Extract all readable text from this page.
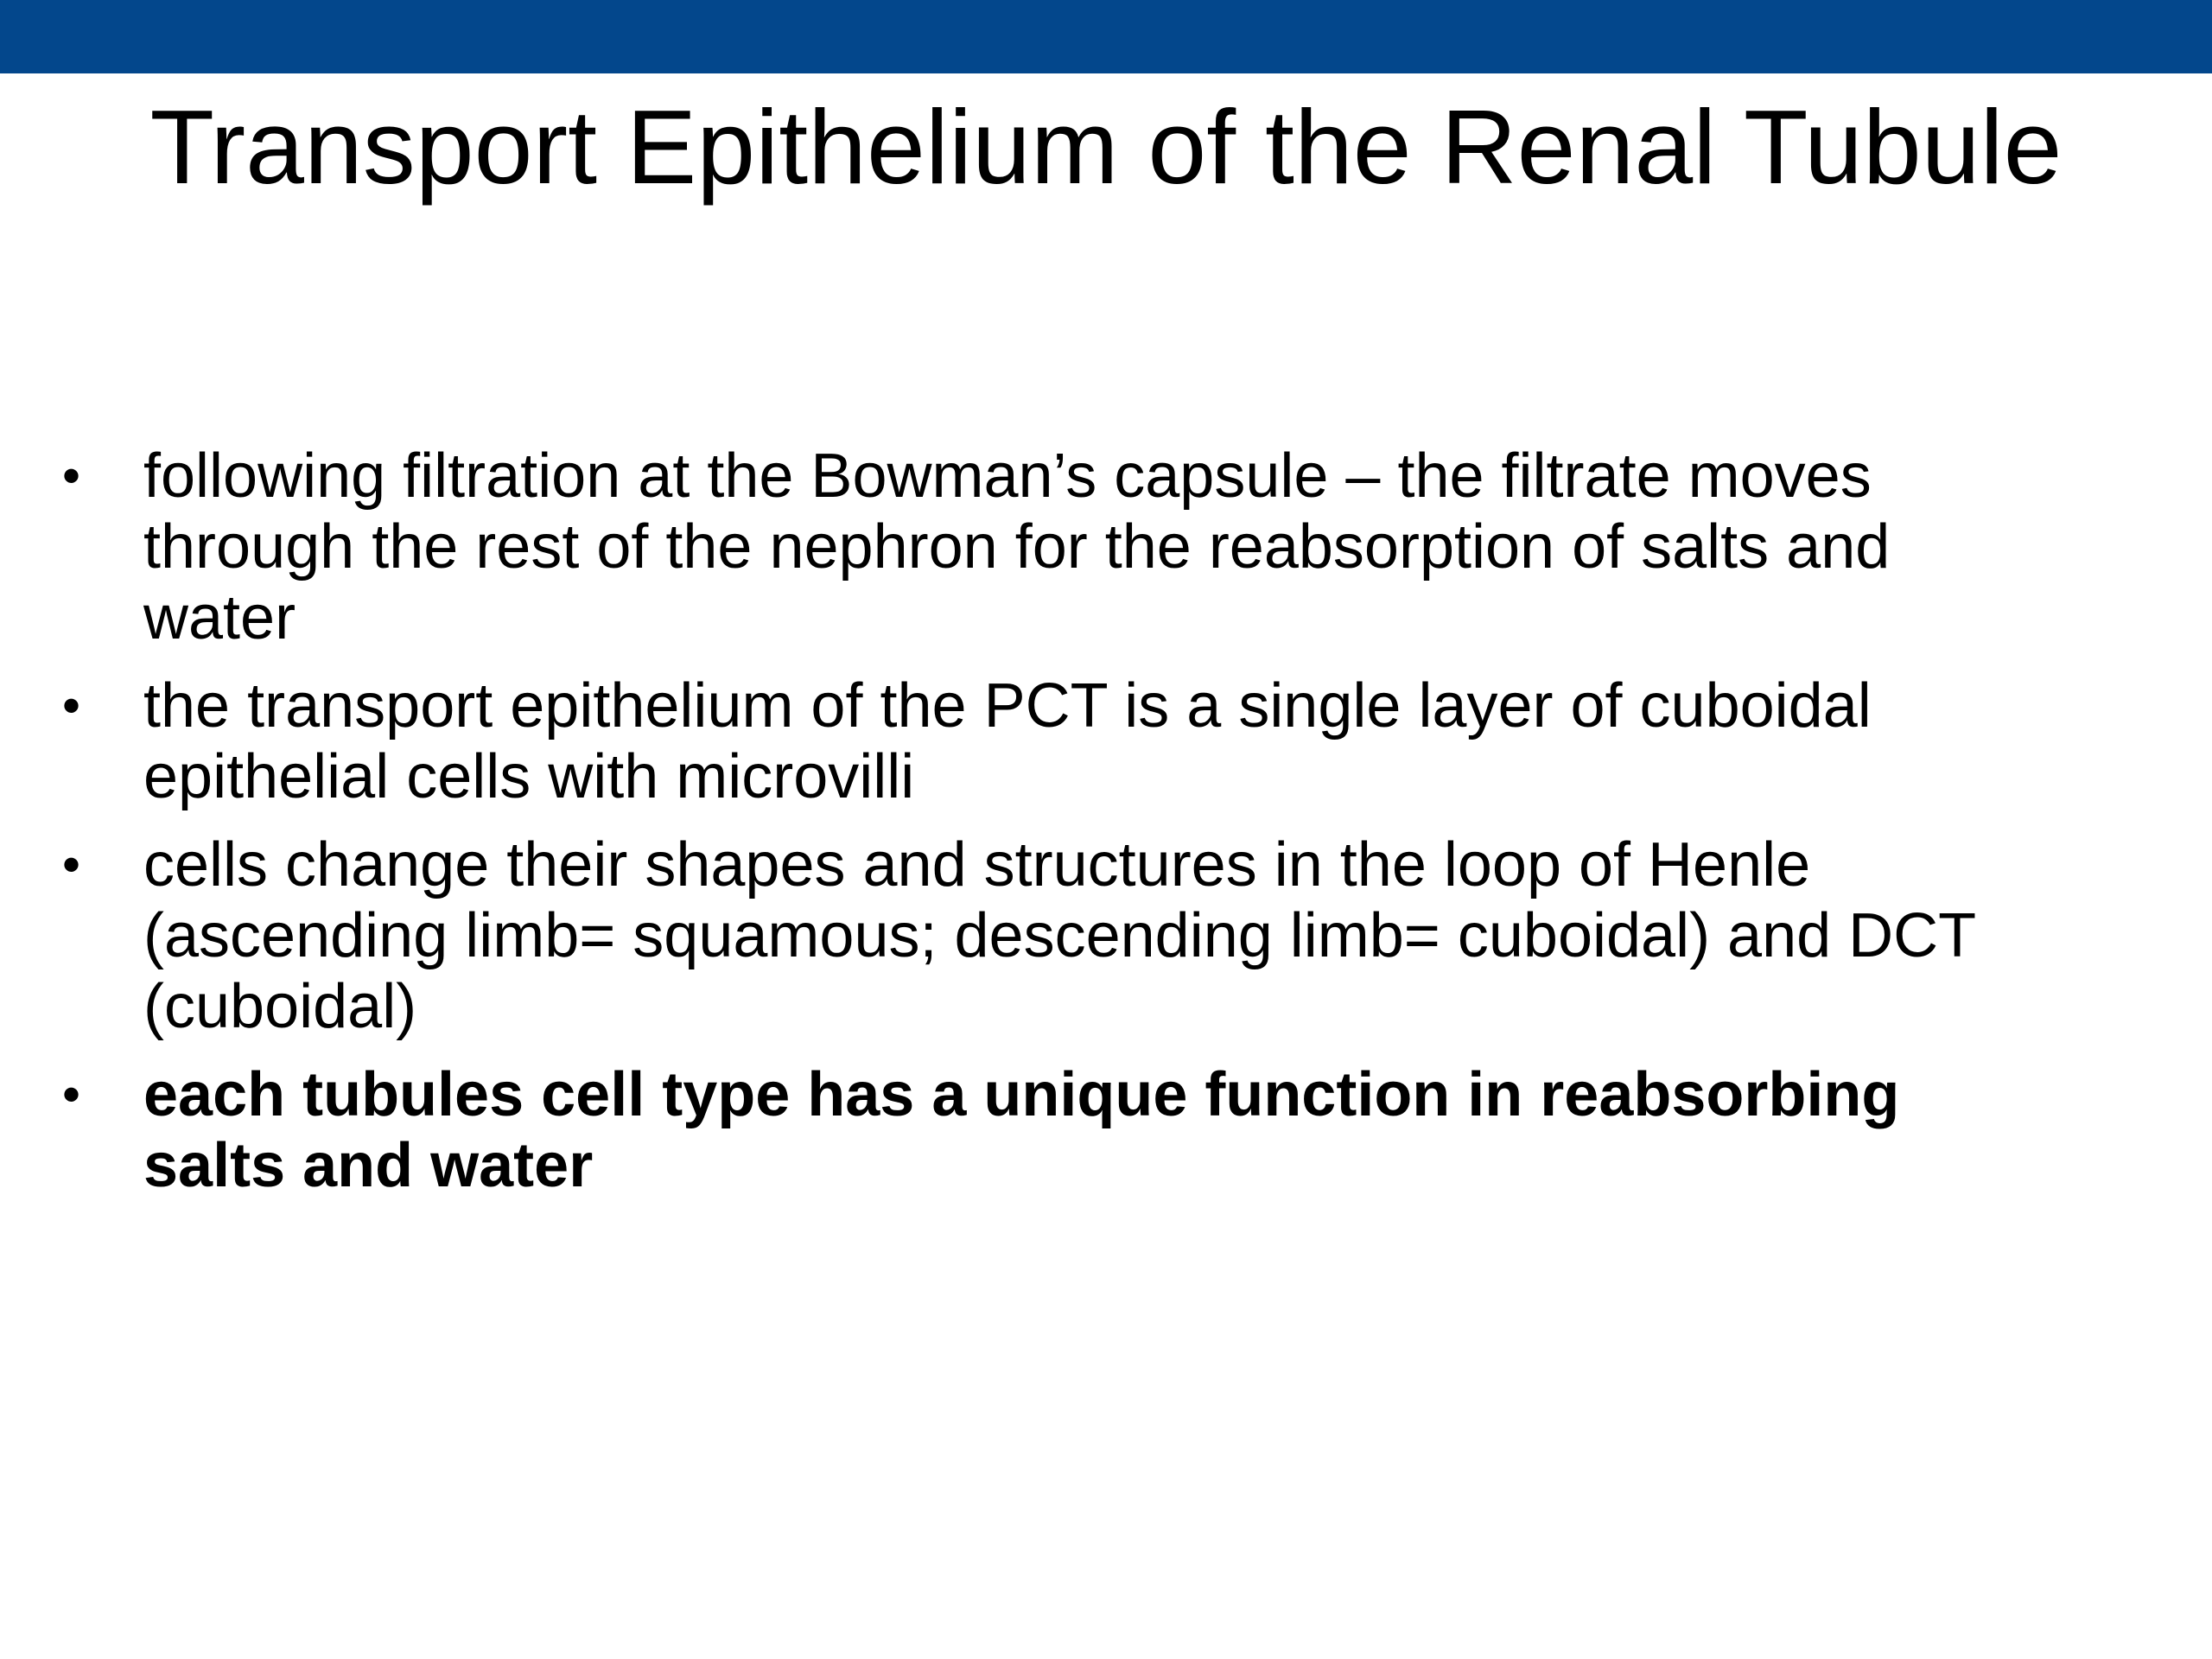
Transport Epithelium of the Renal Tubule
• following filtration at the Bowman’s capsule – the filtrate moves through the rest of the nephron for the reabsorption of salts and water
• the transport epithelium of the PCT is a single layer of cuboidal epithelial cells with microvilli
• cells change their shapes and structures in the loop of Henle (ascending limb= squamous; descending limb= cuboidal) and DCT (cuboidal)
• each tubules cell type has a unique function in reabsorbing salts and water
